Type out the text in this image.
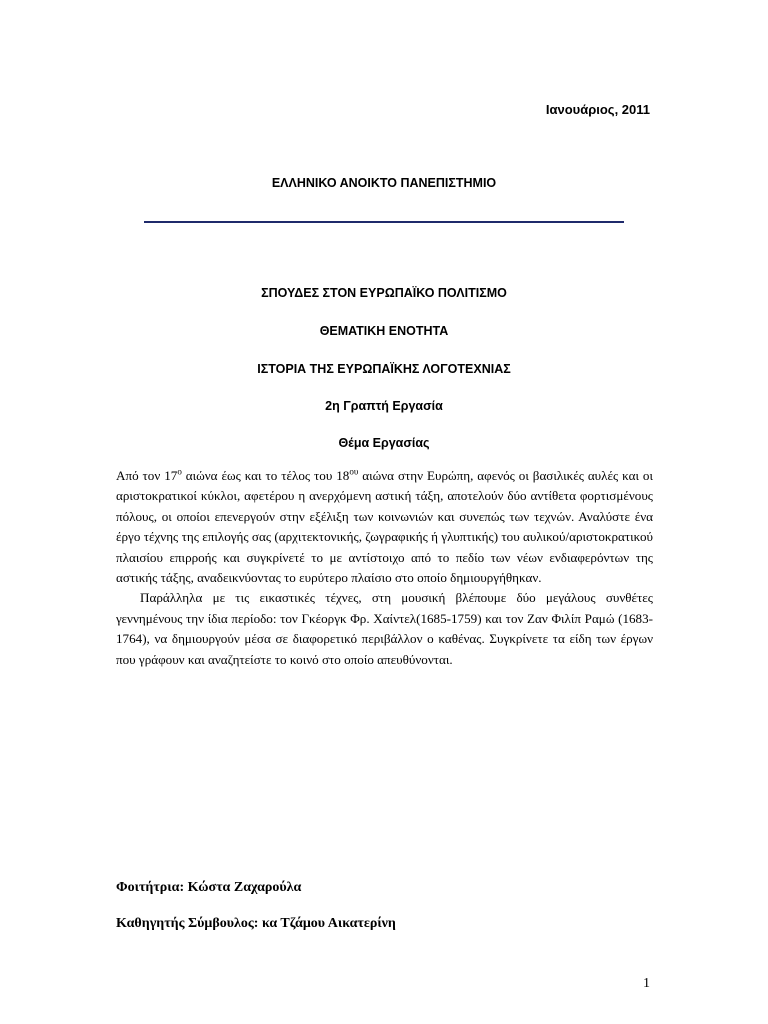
Ιανουάριος, 2011
ΕΛΛΗΝΙΚΟ ΑΝΟΙΚΤΟ ΠΑΝΕΠΙΣΤΗΜΙΟ
ΣΠΟΥΔΕΣ ΣΤΟΝ ΕΥΡΩΠΑΪΚΟ ΠΟΛΙΤΙΣΜΟ
ΘΕΜΑΤΙΚΗ ΕΝΟΤΗΤΑ
ΙΣΤΟΡΙΑ ΤΗΣ ΕΥΡΩΠΑΪΚΗΣ ΛΟΓΟΤΕΧΝΙΑΣ
2η Γραπτή Εργασία
Θέμα Εργασίας

Από τον $17^o$ αιώνα έως και το τέλος του $18^{o\upsilon}$ αιώνα στην Ευρώπη, αφενός οι βασιλικές αυλές και οι αριστοκρατικοί κύκλοι, αφετέρου η ανερχόμενη αστική τάξη, αποτελούν δύο αντίθετα φορτισμένους πόλους, οι οποίοι επενεργούν στην εξέλιξη των κοινωνιών και συνεπώς των τεχνών. Αναλύστε ένα έργο τέχνης της επιλογής σας (αρχιτεκτονικής, ζωγραφικής ή γλυπτικής) του αυλικού/αριστοκρατικού πλαισίου επιρροής και συγκρίνετέ το με αντίστοιχο από το πεδίο των νέων ενδιαφερόντων της αστικής τάξης, αναδεικνύοντας το ευρύτερο πλαίσιο στο οποίο δημιουργήθηκαν.

Παράλληλα με τις εικαστικές τέχνες, στη μουσική βλέπουμε δύο μεγάλους συνθέτες γεννημένους την ίδια περίοδο: τον Γκέοργκ Φρ. Χαίντελ(1685-1759) και τον Ζαν Φιλίπ Ραμώ (1683-1764), να δημιουργούν μέσα σε διαφορετικό περιβάλλον ο καθένας. Συγκρίνετε τα είδη των έργων που γράφουν και αναζητείστε το κοινό στο οποίο απευθύνονται.

Φοιτήτρια: Κώστα Ζαχαρούλα
Καθηγητής Σύμβουλος: κα Τζάμου Αικατερίνη
1
